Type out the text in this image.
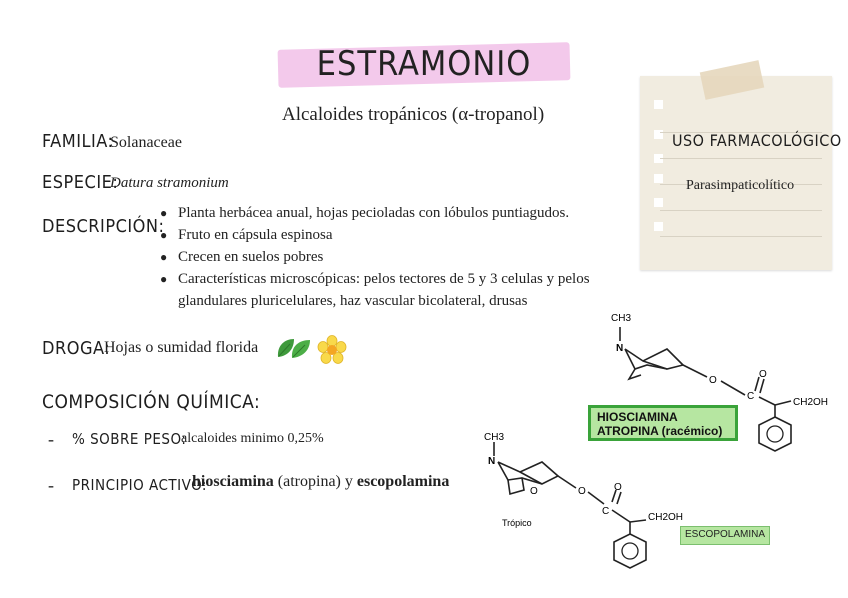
ESTRAMONIO
Alcaloides tropánicos (α-tropanol)
FAMILIA:
Solanaceae
ESPECIE:
Datura stramonium
DESCRIPCIÓN:
● Planta herbácea anual, hojas pecioladas con lóbulos puntiagudos.
● Fruto en cápsula espinosa
● Crecen en suelos pobres
● Características microscópicas: pelos tectores de 5 y 3 celulas y pelos glandulares pluricelulares, haz vascular bicolateral, drusas
DROGA:
Hojas o sumidad florida
COMPOSICIÓN QUÍMICA:
- % SOBRE PESO:
alcaloides minimo 0,25%
- PRINCIPIO ACTIVO:
hiosciamina (atropina) y escopolamina
USO FARMACOLÓGICO
Parasimpaticolítico
CH3
N
O
C
O
CH2OH
HIOSCIAMINA
ATROPINA (racémico)
CH3
N
O	O
C
O
CH2OH
Trópico
ESCOPOLAMINA
